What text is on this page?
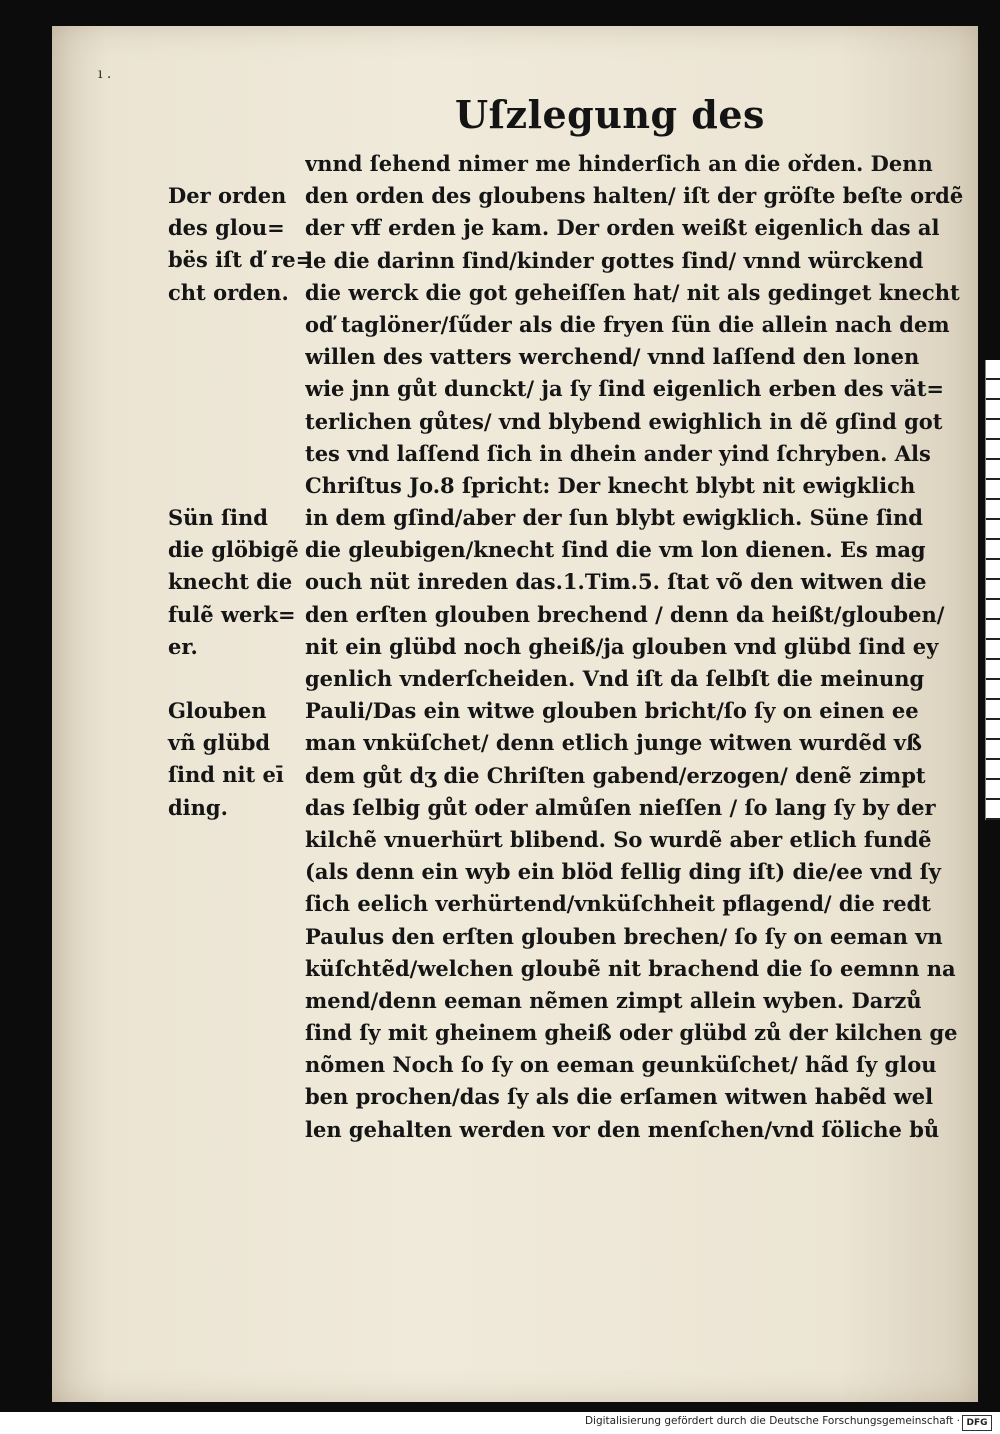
ı .
Uſzlegung des
Der orden
des glou=
bës iſt ď re=
cht orden.
Sün ſind
die glöbigẽ
knecht die
fulẽ werk=
er.
Glouben
vñ glübd
ſind nit eī
ding.
vnnd ſehend nimer me hinderſich an die ořden. Denn
den orden des gloubens halten/ iſt der gröſte beſte ordẽ
der vff erden je kam. Der orden weißt eigenlich das al
le die darinn ſind/kinder gottes ſind/ vnnd würckend
die werck die got geheiſſen hat/ nit als gedinget knecht
oď taglöner/ſűder als die fryen ſün die allein nach dem
willen des vatters werchend/ vnnd laſſend den lonen
wie jnn gůt dunckt/ ja ſy ſind eigenlich erben des vät=
terlichen gůtes/ vnd blybend ewighlich in dẽ gſind got
tes vnd laſſend ſich in dhein ander yind ſchryben. Als
Chriſtus Jo.8 ſpricht: Der knecht blybt nit ewigklich
in dem gſind/aber der ſun blybt ewigklich. Süne ſind
die gleubigen/knecht ſind die vm lon dienen. Es mag
ouch nüt inreden das.1.Tim.5. ſtat võ den witwen die
den erſten glouben brechend / denn da heißt/glouben/
nit ein glübd noch gheiß/ja glouben vnd glübd ſind ey
genlich vnderſcheiden. Vnd iſt da ſelbſt die meinung
Pauli/Das ein witwe glouben bricht/ſo ſy on einen ee
man vnküſchet/ denn etlich junge witwen wurdẽd vß
dem gůt dʒ die Chriſten gabend/erzogen/ denẽ zimpt
das ſelbig gůt oder almůſen nieſſen / ſo lang ſy by der
kilchẽ vnuerhürt blibend. So wurdẽ aber etlich fundẽ
(als denn ein wyb ein blöd fellig ding iſt) die/ee vnd ſy
ſich eelich verhürtend/vnküſchheit pflagend/ die redt
Paulus den erſten glouben brechen/ ſo ſy on eeman vn
küſchtẽd/welchen gloubẽ nit brachend die ſo eemnn na
mend/denn eeman nẽmen zimpt allein wyben. Darzů
ſind ſy mit gheinem gheiß oder glübd zů der kilchen ge
nõmen Noch ſo ſy on eeman geunküſchet/ hãd ſy glou
ben prochen/das ſy als die erſamen witwen habẽd wel
len gehalten werden vor den menſchen/vnd ſöliche bů
Digitalisierung gefördert durch die Deutsche Forschungsgemeinschaft · DFG
